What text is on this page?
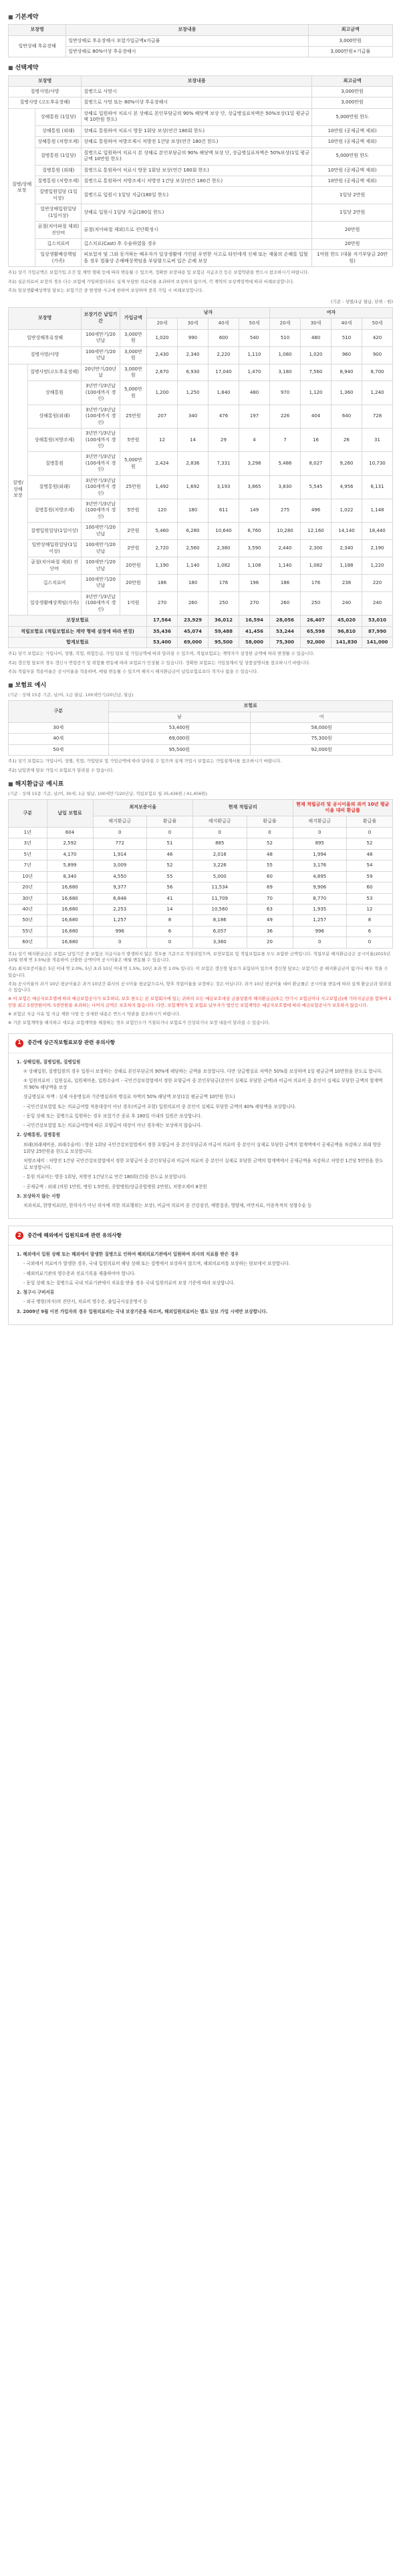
■ 기본계약
보장명	보장내용	최고금액
일반상해 후유장해	일반상해로 후유장해시 보험가입금액x지급률	3,000만원
	일반상해로 80%이상 후유장해시	3,000만원+기급률
■ 선택계약
보장명		보장내용	최고금액
질병사망/사망		질병으로 사망시	3,000만원
질병사망 (고도후유장해)		질병으로 사망 또는 80%이상 후유장해시	3,000만원
질병/상해 보장	상해통원 (1일당)	상해로 입원하여 치료시 본 상해로 본인부담금의 90% 해당액 보상 단, 상급병실료차액은 50%보상(1일 평균금액 10만원 한도)	5,000만원 한도
	상해통원 (외래)	상해로 통원하여 치료시 방문 1회당 보상(연간 180회 한도)	10만원 (공제금액 제외)
	상해통원 (처방조제)	상해로 통원하여 처방조제시 처방전 1건당 보상(연간 180건 한도)	10만원 (공제금액 제외)
	질병통원 (1일당)	질병으로 입원하여 치료시 본 상해로 본인부담금의 90% 해당액 보상 단, 상급병실료차액은 50%보상(1일 평균금액 10만원 한도)	5,000만원 한도
	질병통원 (외래)	질병으로 통원하여 치료시 방문 1회당 보상(연간 180회 한도)	10만원 (공제금액 제외)
	질병통원 (처방조제)	질병으로 통원하여 처방조제시 처방전 1건당 보상(연간 180건 한도)	10만원 (공제금액 제외)
	질병입원일당 (1일이상)	질병으로 입원시 1일당 지급(180일 한도)	1일당 2만원
	일반상해입원일당 (1일이상)	상해로 입원시 1일당 지급(180일 한도)	1일당 2만원
	골절(치아파절 제외) 진단비	골절(치아파절 제외)으로 진단확정시	20만원
	깁스치료비	깁스치료(Cast) 후 수술하였을 경우	20만원
	일상생활배상책임 (가족)	피보험자 및 그와 동거하는 배우자가 일상생활에 기인된 우연한 사고로 타인에게 신체 또는 재물의 손해를 입혔을 경우 법률상 손해배상책임을 부담함으로써 입은 손해 보상	1억원 한도 (대물 자기부담금 20만원)
주1) 상기 가입금액은 보험가입 조건 및 계약 형태 등에 따라 변동될 수 있으며, 정확한 보장내용 및 보험금 지급조건 등은 보험약관을 반드시 참조하시기 바랍니다.
주2) 실손의료비 보장의 경우 다수 보험에 가입하였더라도 실제 부담한 의료비를 초과하여 보상하지 않으며, 각 계약의 보상책임액에 따라 비례보상합니다.
주3) 일상생활배상책임 담보는 보험기간 중 발생한 사고에 한하여 보상하며 중복 가입 시 비례보상합니다.
(기준 : 성별/1급 월납, 단위 : 원)
보장명		보장기간 납입기간	가입금액	남자				여자			
				20세	30세	40세	50세	20세	30세	40세	50세
일반상해후유장해		100세만기/20년납	3,000만원	1,020	990	600	540	510	480	510	420
질병사망/사망		100세만기/20년납	3,000만원	2,430	2,340	2,220	1,110	1,080	1,020	960	900
질병/상해 보장	질병사망(고도후유장해)	20년만기/20년납	3,000만원	2,670	6,930	17,040	1,470	3,180	7,560	8,940	8,700
	상해통원	3년만기/3년납(100세까지 갱신)	5,000만원	1,200	1,250	1,840	480	970	1,120	1,360	1,240
	상해통원(외래)	3년만기/3년납(100세까지 갱신)	25만원	207	340	476	197	226	404	640	728
	상해통원(처방조제)	3년만기/3년납(100세까지 갱신)	5만원	12	14	29	4	7	16	26	31
	질병통원	3년만기/3년납(100세까지 갱신)	5,000만원	2,424	2,836	7,331	3,298	5,486	8,027	9,260	10,730
	질병통원(외래)	3년만기/3년납(100세까지 갱신)	25만원	1,492	1,692	3,193	3,865	3,830	5,545	4,956	6,131
	질병통원(처방조제)	3년만기/3년납(100세까지 갱신)	5만원	120	180	611	149	275	496	1,022	1,148
	질병입원일당(1일이상)	100세만기/20년납	2만원	5,460	6,280	10,640	6,760	10,280	12,160	14,140	18,440
	일반상해입원일당(1일이상)	100세만기/20년납	2만원	2,720	2,560	2,380	3,590	2,440	2,300	2,340	2,190
	골절(치아파절 제외) 진단비	100세만기/20년납	20만원	1,190	1,140	1,082	1,108	1,140	1,082	1,188	1,220
	깁스치료비	100세만기/20년납	20만원	186	180	176	196	186	176	238	220
	일상생활배상책임(가족)	3년만기/3년납(100세까지 갱신)	1억원	270	260	250	270	260	250	240	240
보장보험료				17,564	23,929	36,012	16,594	28,056	26,407	45,020	53,010
적립보험료 (적립보험료는 계약 형태 설정에 따라 변경)				35,436	45,074	59,488	41,456	53,244	65,598	96,810	87,990
합계보험료				53,400	69,000	95,500	58,000	75,300	92,000	141,830	141,000
주1) 상기 보험료는 가입나이, 성별, 직업, 위험등급, 가입 담보 및 가입금액에 따라 달라질 수 있으며, 적립보험료는 계약자가 설정한 금액에 따라 변경될 수 있습니다.
주2) 갱신형 담보의 경우 갱신시 연령증가 및 위험률 변동에 따라 보험료가 인상될 수 있습니다. 정확한 보험료는 가입설계서 및 상품설명서를 참조하시기 바랍니다.
주3) 적립부분 적용이율은 공시이율을 적용하며, 매월 변동될 수 있으며 해지시 해지환급금이 납입보험료보다 적거나 없을 수 있습니다.
■ 보험료 예시
(기준 : 상해 15종 기준, 남/여, 1급 월납, 100세만기/20년납, 월납)
구분	보험료	
	남	여
30세	53,400원	58,000원
40세	69,000원	75,300원
50세	95,500원	92,000원
주1) 상기 보험료는 가입나이, 성별, 직업, 가입담보 및 가입금액에 따라 달라질 수 있으며 실제 가입시 보험료는 가입설계서를 참조하시기 바랍니다.
주2) 납입면제 담보 가입시 보험료가 달라질 수 있습니다.
■ 해지환급금 예시표
(기준 : 상해 15종 기준, 남/여, 30세, 1급 월납, 100세만기/20년납, 적립보험료 월 35,436원 / 41,456원)
구분	납입 보험료	최저보증이율		현재 적립금리		현재 적립금리 및 공시이율의 과거 10년 평균이율 대비 환급률	
		해지환급금	환급률	해지환급금	환급률	해지환급금	환급률
1년	604	0	0	0	0	0	0
3년	2,592	772	51	885	52	895	52
5년	4,170	1,914	46	2,016	48	1,994	48
7년	5,899	3,009	52	3,226	55	3,176	54
10년	8,340	4,550	55	5,000	60	4,895	59
20년	16,680	9,377	56	11,534	69	9,906	60
30년	16,680	6,848	41	11,709	70	8,770	53
40년	16,680	2,253	14	10,560	63	1,935	12
50년	16,680	1,257	8	8,186	49	1,257	8
55년	16,680	996	6	6,057	36	996	6
60년	16,680	0	0	3,360	20	0	0
주1) 상기 해지환급금은 보험료 납입기간 중 보험금 지급사유가 발생하지 않은 경우를 기준으로 작성되었으며, 보장보험료 및 적립보험료를 모두 포함한 금액입니다. 적립부분 해지환급금은 공시이율(2015년 10월 현재 연 3.5%)을 적용하여 산출한 금액이며 공시이율은 매월 변동될 수 있습니다.
주2) 최저보증이율은 5년 이내 연 2.0%, 5년 초과 10년 이내 연 1.5%, 10년 초과 연 1.0% 입니다. 이 보험은 갱신형 담보가 포함되어 있으며 갱신형 담보는 보험기간 중 해지환급금이 없거나 매우 적을 수 있습니다.
주3) 공시이율의 과거 10년 평균이율은 과거 10년간 회사의 공시이율 평균값으로서, 향후 적립이율을 보장하는 것은 아닙니다. 과거 10년 평균이율 대비 환급률은 공시이율 변동에 따라 실제 환급금과 달라질 수 있습니다.
※ 이 보험은 예금자보호법에 따라 예금보험공사가 보호하되, 보호 한도는 본 보험회사에 있는 귀하의 모든 예금보호대상 금융상품의 해지환급금(또는 만기시 보험금이나 사고보험금)에 기타지급금을 합하여 1인당 최고 5천만원이며, 5천만원을 초과하는 나머지 금액은 보호하지 않습니다. 다만, 보험계약자 및 보험료 납부자가 법인인 보험계약은 예금자보호법에 따라 예금보험공사가 보호하지 않습니다.
※ 보험금 지급 사유 및 지급 제한 사항 등 상세한 내용은 반드시 약관을 참조하시기 바랍니다.
※ 기존 보험계약을 해지하고 새로운 보험계약을 체결하는 경우 보험인수가 거절되거나 보험료가 인상되거나 보장 내용이 달라질 수 있습니다.
1	중간에 상근직보험료보장 관련 유의사항

1. 상해입원, 질병입원, 질병입원

① 상해입원, 질병입원의 경우 입원시 보장하는 상해로 본인부담금의 90%에 해당하는 금액을 보상합니다. 다만 상급병실료 차액은 50%를 보상하며 1일 평균금액 10만원을 한도로 합니다.

② 입원의료비 : 입원실료, 입원제비용, 입원수술비 - 국민건강보험법에서 정한 요양급여 중 본인부담금(본인이 실제로 부담한 금액)과 비급여 의료비 중 본인이 실제로 부담한 금액의 합계액의 90% 해당액을 보상

상급병실료 차액 : 실제 사용병실과 기준병실과의 병실료 차액의 50% 해당액 보상(1일 평균금액 10만원 한도)

- 국민건강보험법 또는 의료급여법 적용대상이 아닌 경우(비급여 포함) 입원의료비 중 본인이 실제로 부담한 금액의 40% 해당액을 보상합니다.

- 동일 상해 또는 질병으로 입원하는 경우 보험기간 종료 후 180일 이내의 입원은 보상합니다.

- 국민건강보험법 또는 의료급여법에 따른 요양급여 대상이 아닌 경우에는 보상하지 않습니다.

2. 상해통원, 질병통원

외래(외래제비용, 외래수술비) : 방문 1회당 국민건강보험법에서 정한 요양급여 중 본인부담금과 비급여 의료비 중 본인이 실제로 부담한 금액의 합계액에서 공제금액을 차감하고 외래 방문 1회당 25만원을 한도로 보상합니다.

처방조제비 : 처방전 1건당 국민건강보험법에서 정한 요양급여 중 본인부담금과 비급여 의료비 중 본인이 실제로 부담한 금액의 합계액에서 공제금액을 차감하고 처방전 1건당 5만원을 한도로 보상합니다.

- 통원 의료비는 방문 1회당, 처방전 1건당으로 연간 180회(건)를 한도로 보상합니다.

- 공제금액 : 외래 (의원 1만원, 병원 1.5만원, 종합병원/상급종합병원 2만원), 처방조제비 8천원

3. 보상하지 않는 사항

치과치료, 한방치료(단, 한의사가 아닌 의사에 의한 의료행위는 보상), 비급여 의료비 중 건강검진, 예방접종, 영양제, 비만치료, 미용목적의 성형수술 등

2	중간에 해외에서 입원치료에 관련 유의사항

1. 해외에서 입원 상해 또는 해외에서 발생한 질병으로 인하여 해외의료기관에서 입원하여 의사의 치료를 받은 경우

- 국외에서 의료비가 발생한 경우, 국내 입원의료비 해당 상해 또는 질병에서 보상하지 않으며, 해외의료비를 보상하는 담보에서 보상합니다.

- 해외의료기관의 영수증과 진료기록을 제출하여야 합니다.

- 동일 상해 또는 질병으로 국내 의료기관에서 치료를 받을 경우 국내 입원의료비 보장 기준에 따라 보상합니다.

2. 청구시 구비서류

- 외국 병원(의사)의 진단서, 치료비 영수증, 출입국사실증명서 등

3. 2009년 9월 이전 가입자의 경우 입원의료비는 국내 보장기준을 따르며, 해외입원의료비는 별도 담보 가입 시에만 보상합니다.
